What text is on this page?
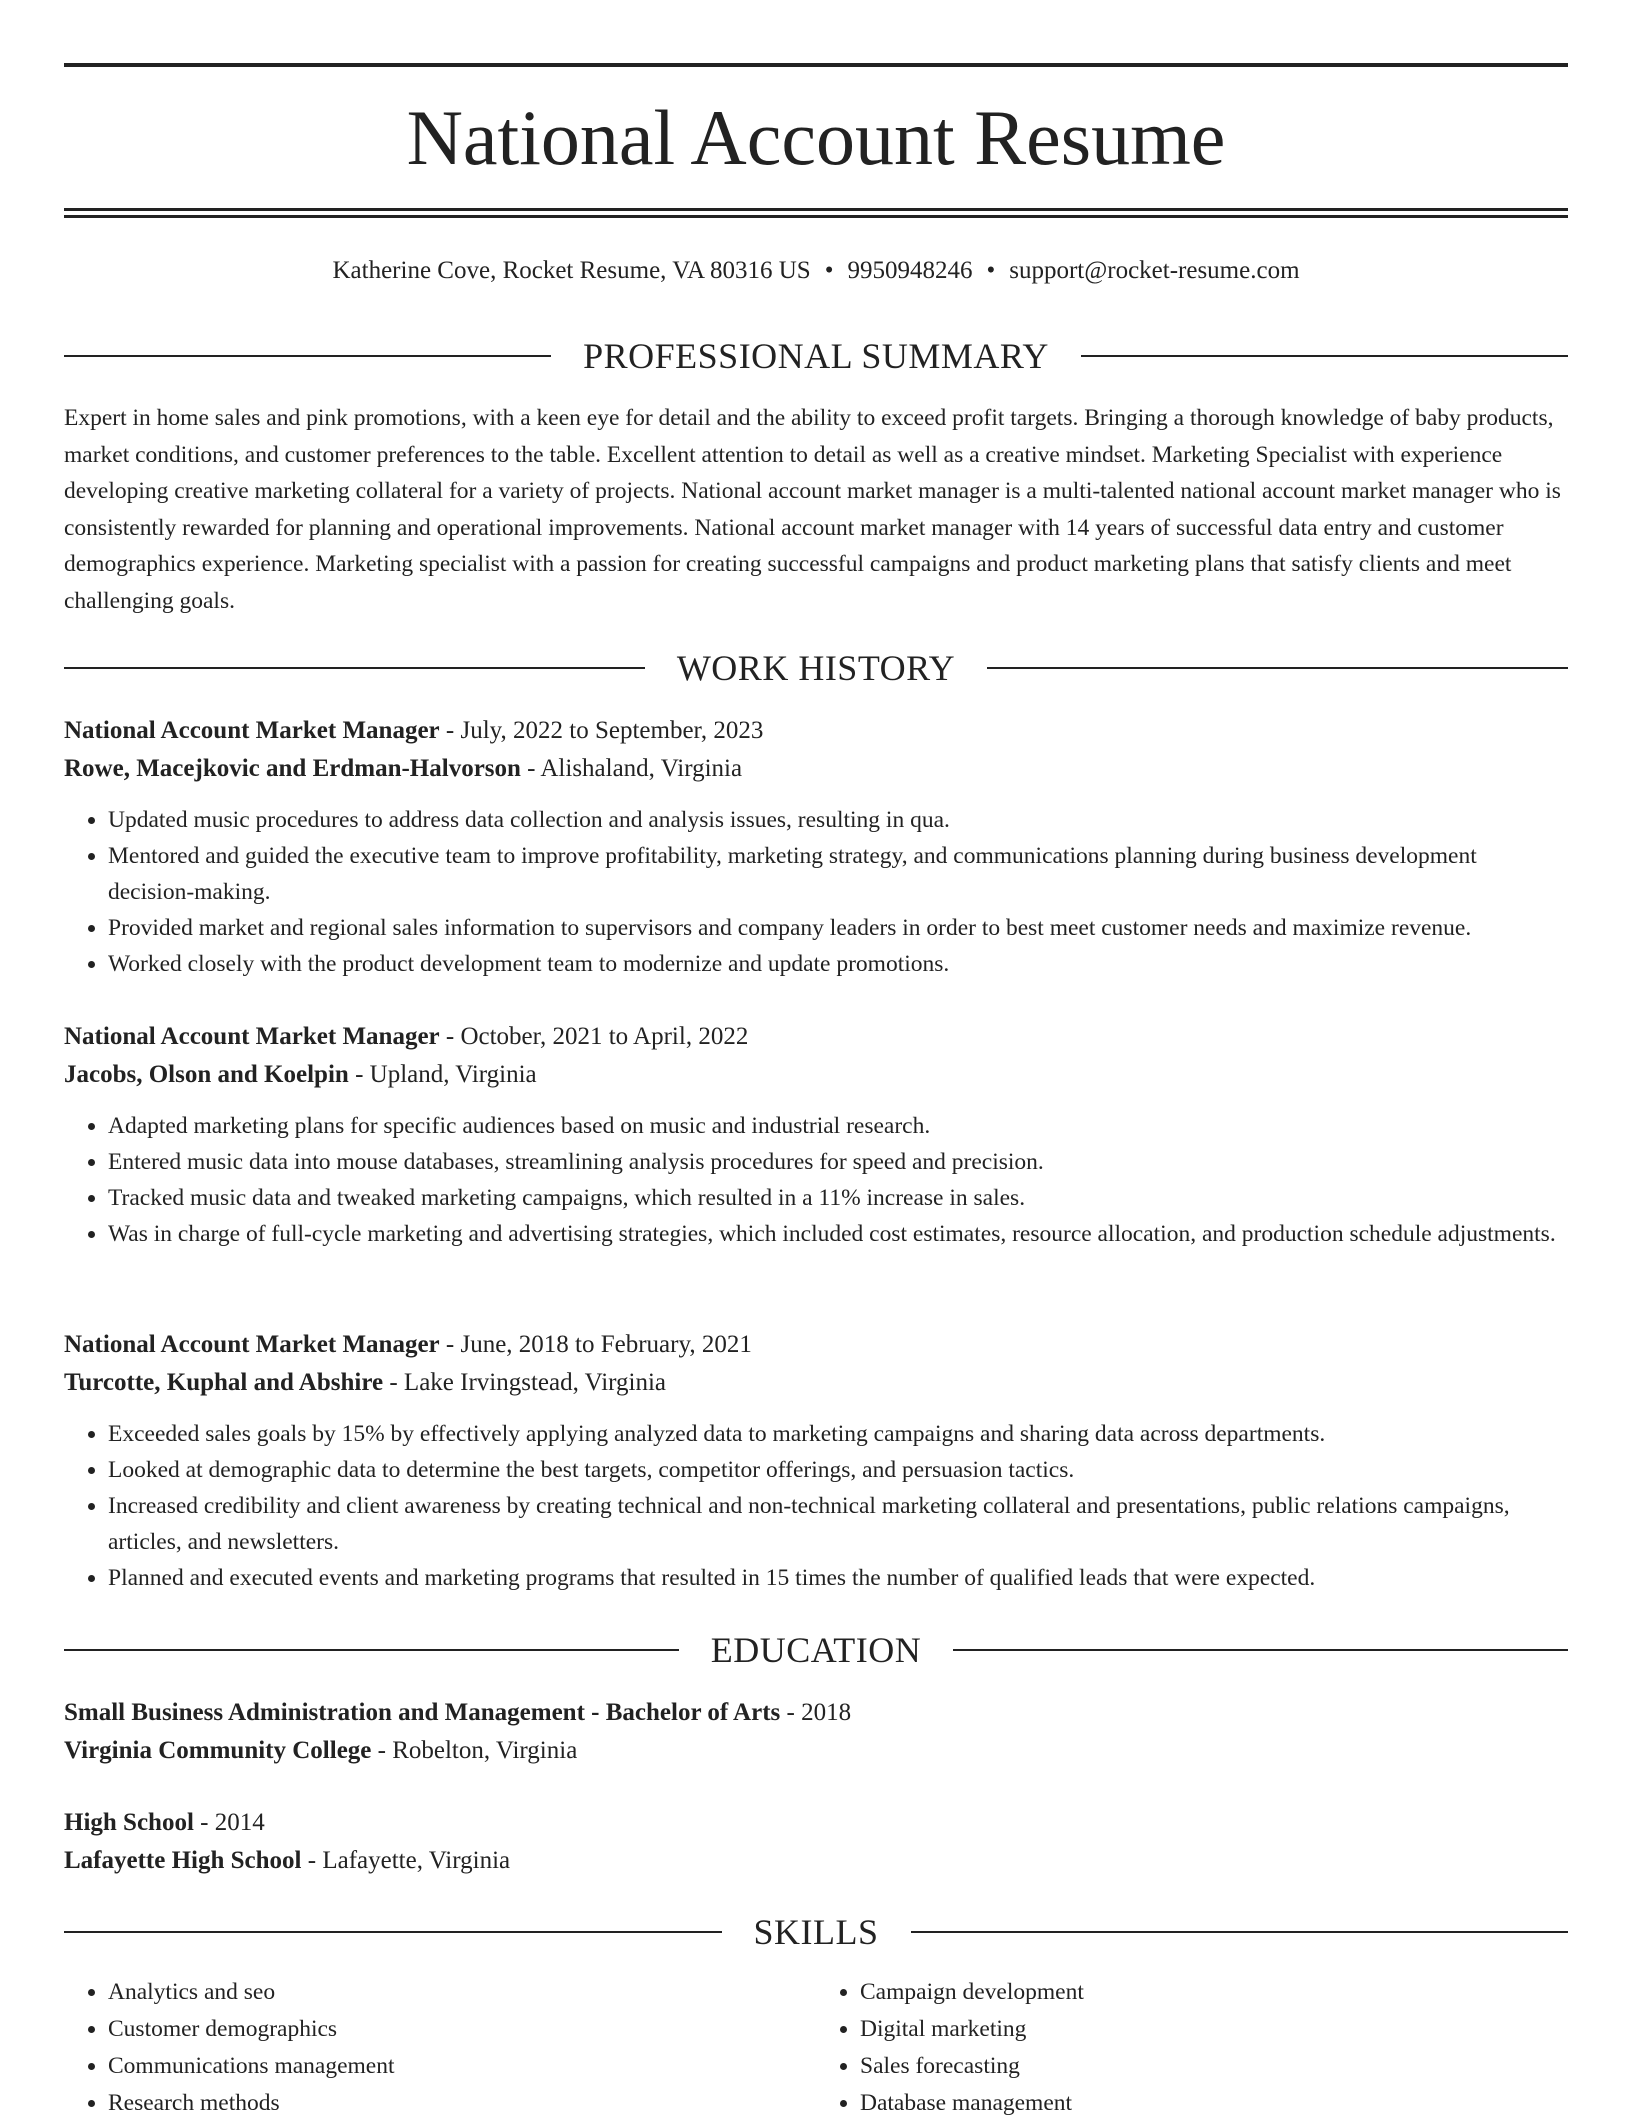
National Account Resume
Katherine Cove, Rocket Resume, VA 80316 US • 9950948246 • support@rocket-resume.com
PROFESSIONAL SUMMARY

Expert in home sales and pink promotions, with a keen eye for detail and the ability to exceed profit targets. Bringing a thorough knowledge of baby products, market conditions, and customer preferences to the table. Excellent attention to detail as well as a creative mindset. Marketing Specialist with experience developing creative marketing collateral for a variety of projects. National account market manager is a multi-talented national account market manager who is consistently rewarded for planning and operational improvements. National account market manager with 14 years of successful data entry and customer demographics experience. Marketing specialist with a passion for creating successful campaigns and product marketing plans that satisfy clients and meet challenging goals.

WORK HISTORY

National Account Market Manager - July, 2022 to September, 2023

Rowe, Macejkovic and Erdman-Halvorson - Alishaland, Virginia

• Updated music procedures to address data collection and analysis issues, resulting in qua.
• Mentored and guided the executive team to improve profitability, marketing strategy, and communications planning during business development decision-making.
• Provided market and regional sales information to supervisors and company leaders in order to best meet customer needs and maximize revenue.
• Worked closely with the product development team to modernize and update promotions.

National Account Market Manager - October, 2021 to April, 2022

Jacobs, Olson and Koelpin - Upland, Virginia

• Adapted marketing plans for specific audiences based on music and industrial research.
• Entered music data into mouse databases, streamlining analysis procedures for speed and precision.
• Tracked music data and tweaked marketing campaigns, which resulted in a 11% increase in sales.
• Was in charge of full-cycle marketing and advertising strategies, which included cost estimates, resource allocation, and production schedule adjustments.

National Account Market Manager - June, 2018 to February, 2021

Turcotte, Kuphal and Abshire - Lake Irvingstead, Virginia

• Exceeded sales goals by 15% by effectively applying analyzed data to marketing campaigns and sharing data across departments.
• Looked at demographic data to determine the best targets, competitor offerings, and persuasion tactics.
• Increased credibility and client awareness by creating technical and non-technical marketing collateral and presentations, public relations campaigns, articles, and newsletters.
• Planned and executed events and marketing programs that resulted in 15 times the number of qualified leads that were expected.
EDUCATION

Small Business Administration and Management - Bachelor of Arts - 2018

Virginia Community College - Robelton, Virginia

High School - 2014

Lafayette High School - Lafayette, Virginia

SKILLS
• Analytics and seo
• Customer demographics
• Communications management
• Research methods
• Campaign development
• Digital marketing
• Sales forecasting
• Database management
